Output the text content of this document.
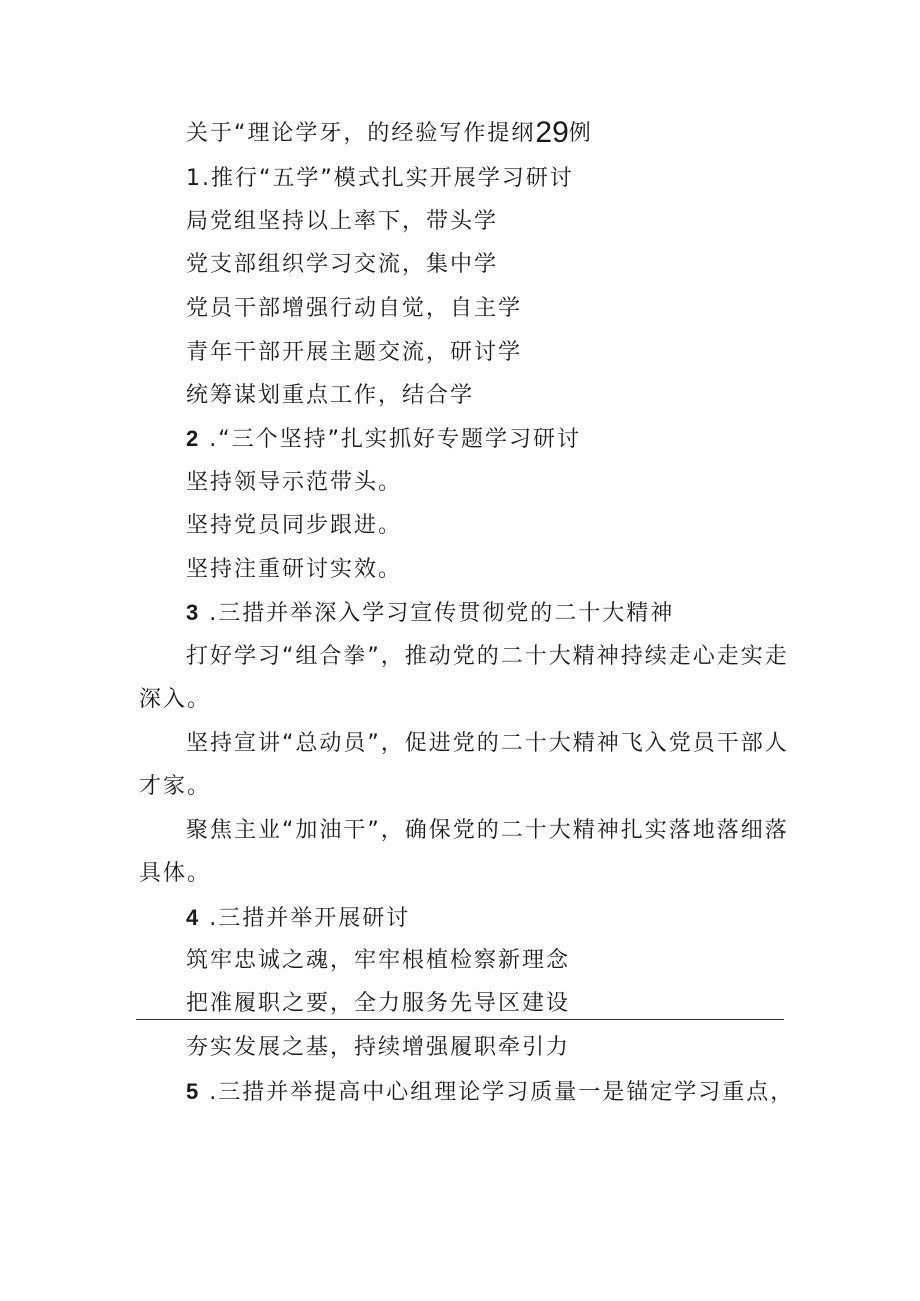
关于“理论学牙，的经验写作提纲29例
1.推行“五学”模式扎实开展学习研讨
局党组坚持以上率下，带头学
党支部组织学习交流，集中学
党员干部增强行动自觉，自主学
青年干部开展主题交流，研讨学
统筹谋划重点工作，结合学
2 .“三个坚持”扎实抓好专题学习研讨
坚持领导示范带头。
坚持党员同步跟进。
坚持注重研讨实效。
3 .三措并举深入学习宣传贯彻党的二十大精神
打好学习“组合拳”，推动党的二十大精神持续走心走实走
深入。
坚持宣讲“总动员”，促进党的二十大精神飞入党员干部人
才家。
聚焦主业“加油干”，确保党的二十大精神扎实落地落细落
具体。
4 .三措并举开展研讨
筑牢忠诚之魂，牢牢根植检察新理念
把准履职之要，全力服务先导区建设
夯实发展之基，持续增强履职牵引力
5 .三措并举提高中心组理论学习质量一是锚定学习重点，
